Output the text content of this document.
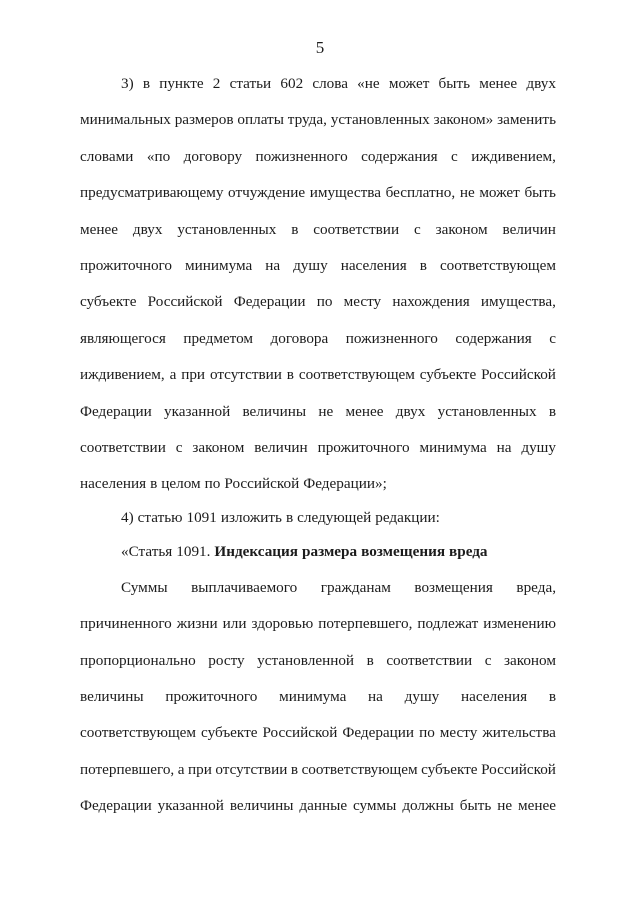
5
3) в пункте 2 статьи 602 слова «не может быть менее двух
минимальных размеров оплаты труда, установленных законом» заменить
словами «по договору пожизненного содержания с иждивением,
предусматривающему отчуждение имущества бесплатно, не может быть
менее двух установленных в соответствии с законом величин
прожиточного минимума на душу населения в соответствующем
субъекте Российской Федерации по месту нахождения имущества,
являющегося предметом договора пожизненного содержания с
иждивением, а при отсутствии в соответствующем субъекте Российской
Федерации указанной величины не менее двух установленных в
соответствии с законом величин прожиточного минимума на душу
населения в целом по Российской Федерации»;
4) статью 1091 изложить в следующей редакции:
«Статья 1091. Индексация размера возмещения вреда
Суммы выплачиваемого гражданам возмещения вреда,
причиненного жизни или здоровью потерпевшего, подлежат изменению
пропорционально росту установленной в соответствии с законом
величины прожиточного минимума на душу населения в
соответствующем субъекте Российской Федерации по месту жительства
потерпевшего, а при отсутствии в соответствующем субъекте Российской
Федерации указанной величины данные суммы должны быть не менее
